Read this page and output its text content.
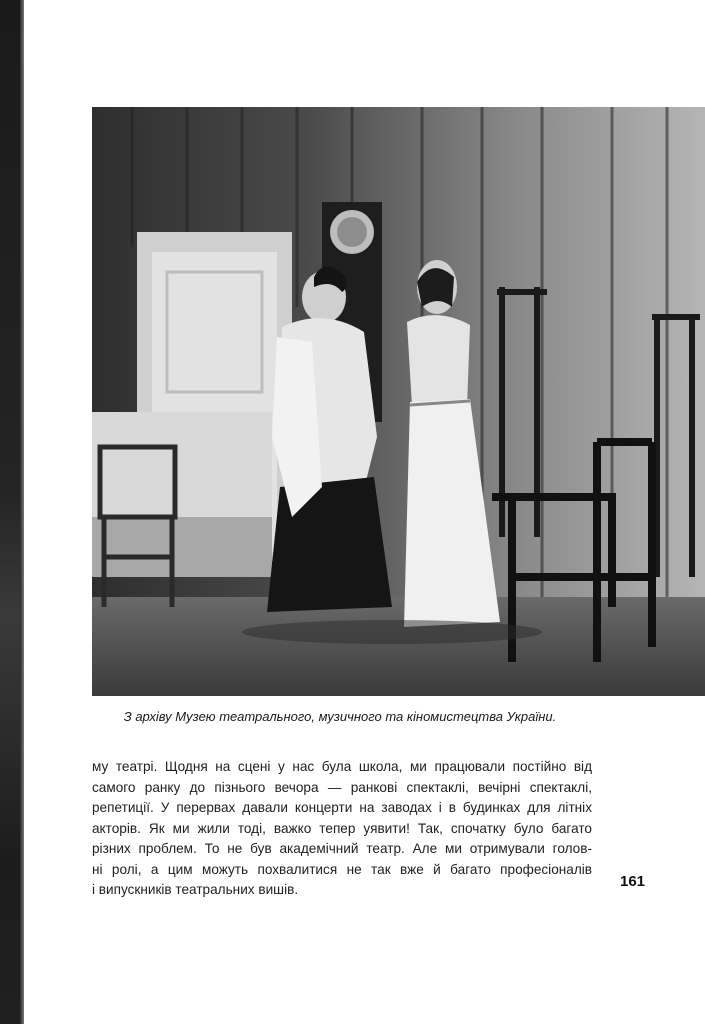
З архіву Музею театрального, музичного та кіномистецтва України.
му театрі. Щодня на сцені у нас була школа, ми працювали постійно від
самого ранку до пізнього вечора — ранкові спектаклі, вечірні спектаклі,
репетиції. У перервах давали концерти на заводах і в будинках для літніх
акторів. Як ми жили тоді, важко тепер уявити! Так, спочатку було багато
різних проблем. То не був академічний театр. Але ми отримували голов-
ні ролі, а цим можуть похвалитися не так вже й багато професіоналів
і випускників театральних вишів.	161
